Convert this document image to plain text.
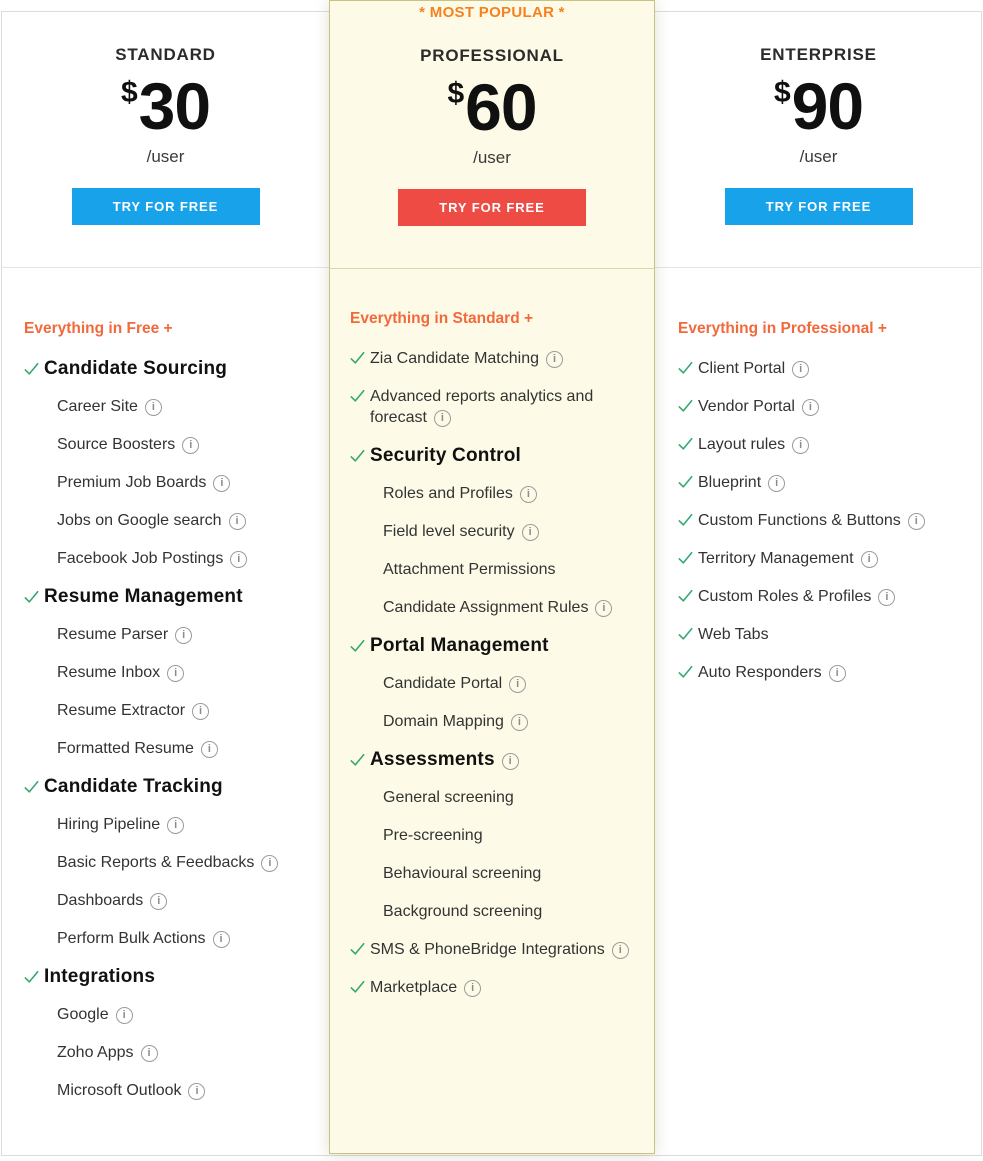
STANDARD
$30
/user
TRY FOR FREE
Everything in Free +
Candidate Sourcing
Career Site i
Source Boosters i
Premium Job Boards i
Jobs on Google search i
Facebook Job Postings i
Resume Management
Resume Parser i
Resume Inbox i
Resume Extractor i
Formatted Resume i
Candidate Tracking
Hiring Pipeline i
Basic Reports & Feedbacks i
Dashboards i
Perform Bulk Actions i
Integrations
Google i
Zoho Apps i
Microsoft Outlook i
* MOST POPULAR *
PROFESSIONAL
$60
/user
TRY FOR FREE
Everything in Standard +
Zia Candidate Matching i
Advanced reports analytics and forecast i
Security Control
Roles and Profiles i
Field level security i
Attachment Permissions
Candidate Assignment Rules i
Portal Management
Candidate Portal i
Domain Mapping i
Assessments i
General screening
Pre-screening
Behavioural screening
Background screening
SMS & PhoneBridge Integrations i
Marketplace i
ENTERPRISE
$90
/user
TRY FOR FREE
Everything in Professional +
Client Portal i
Vendor Portal i
Layout rules i
Blueprint i
Custom Functions & Buttons i
Territory Management i
Custom Roles & Profiles i
Web Tabs
Auto Responders i
